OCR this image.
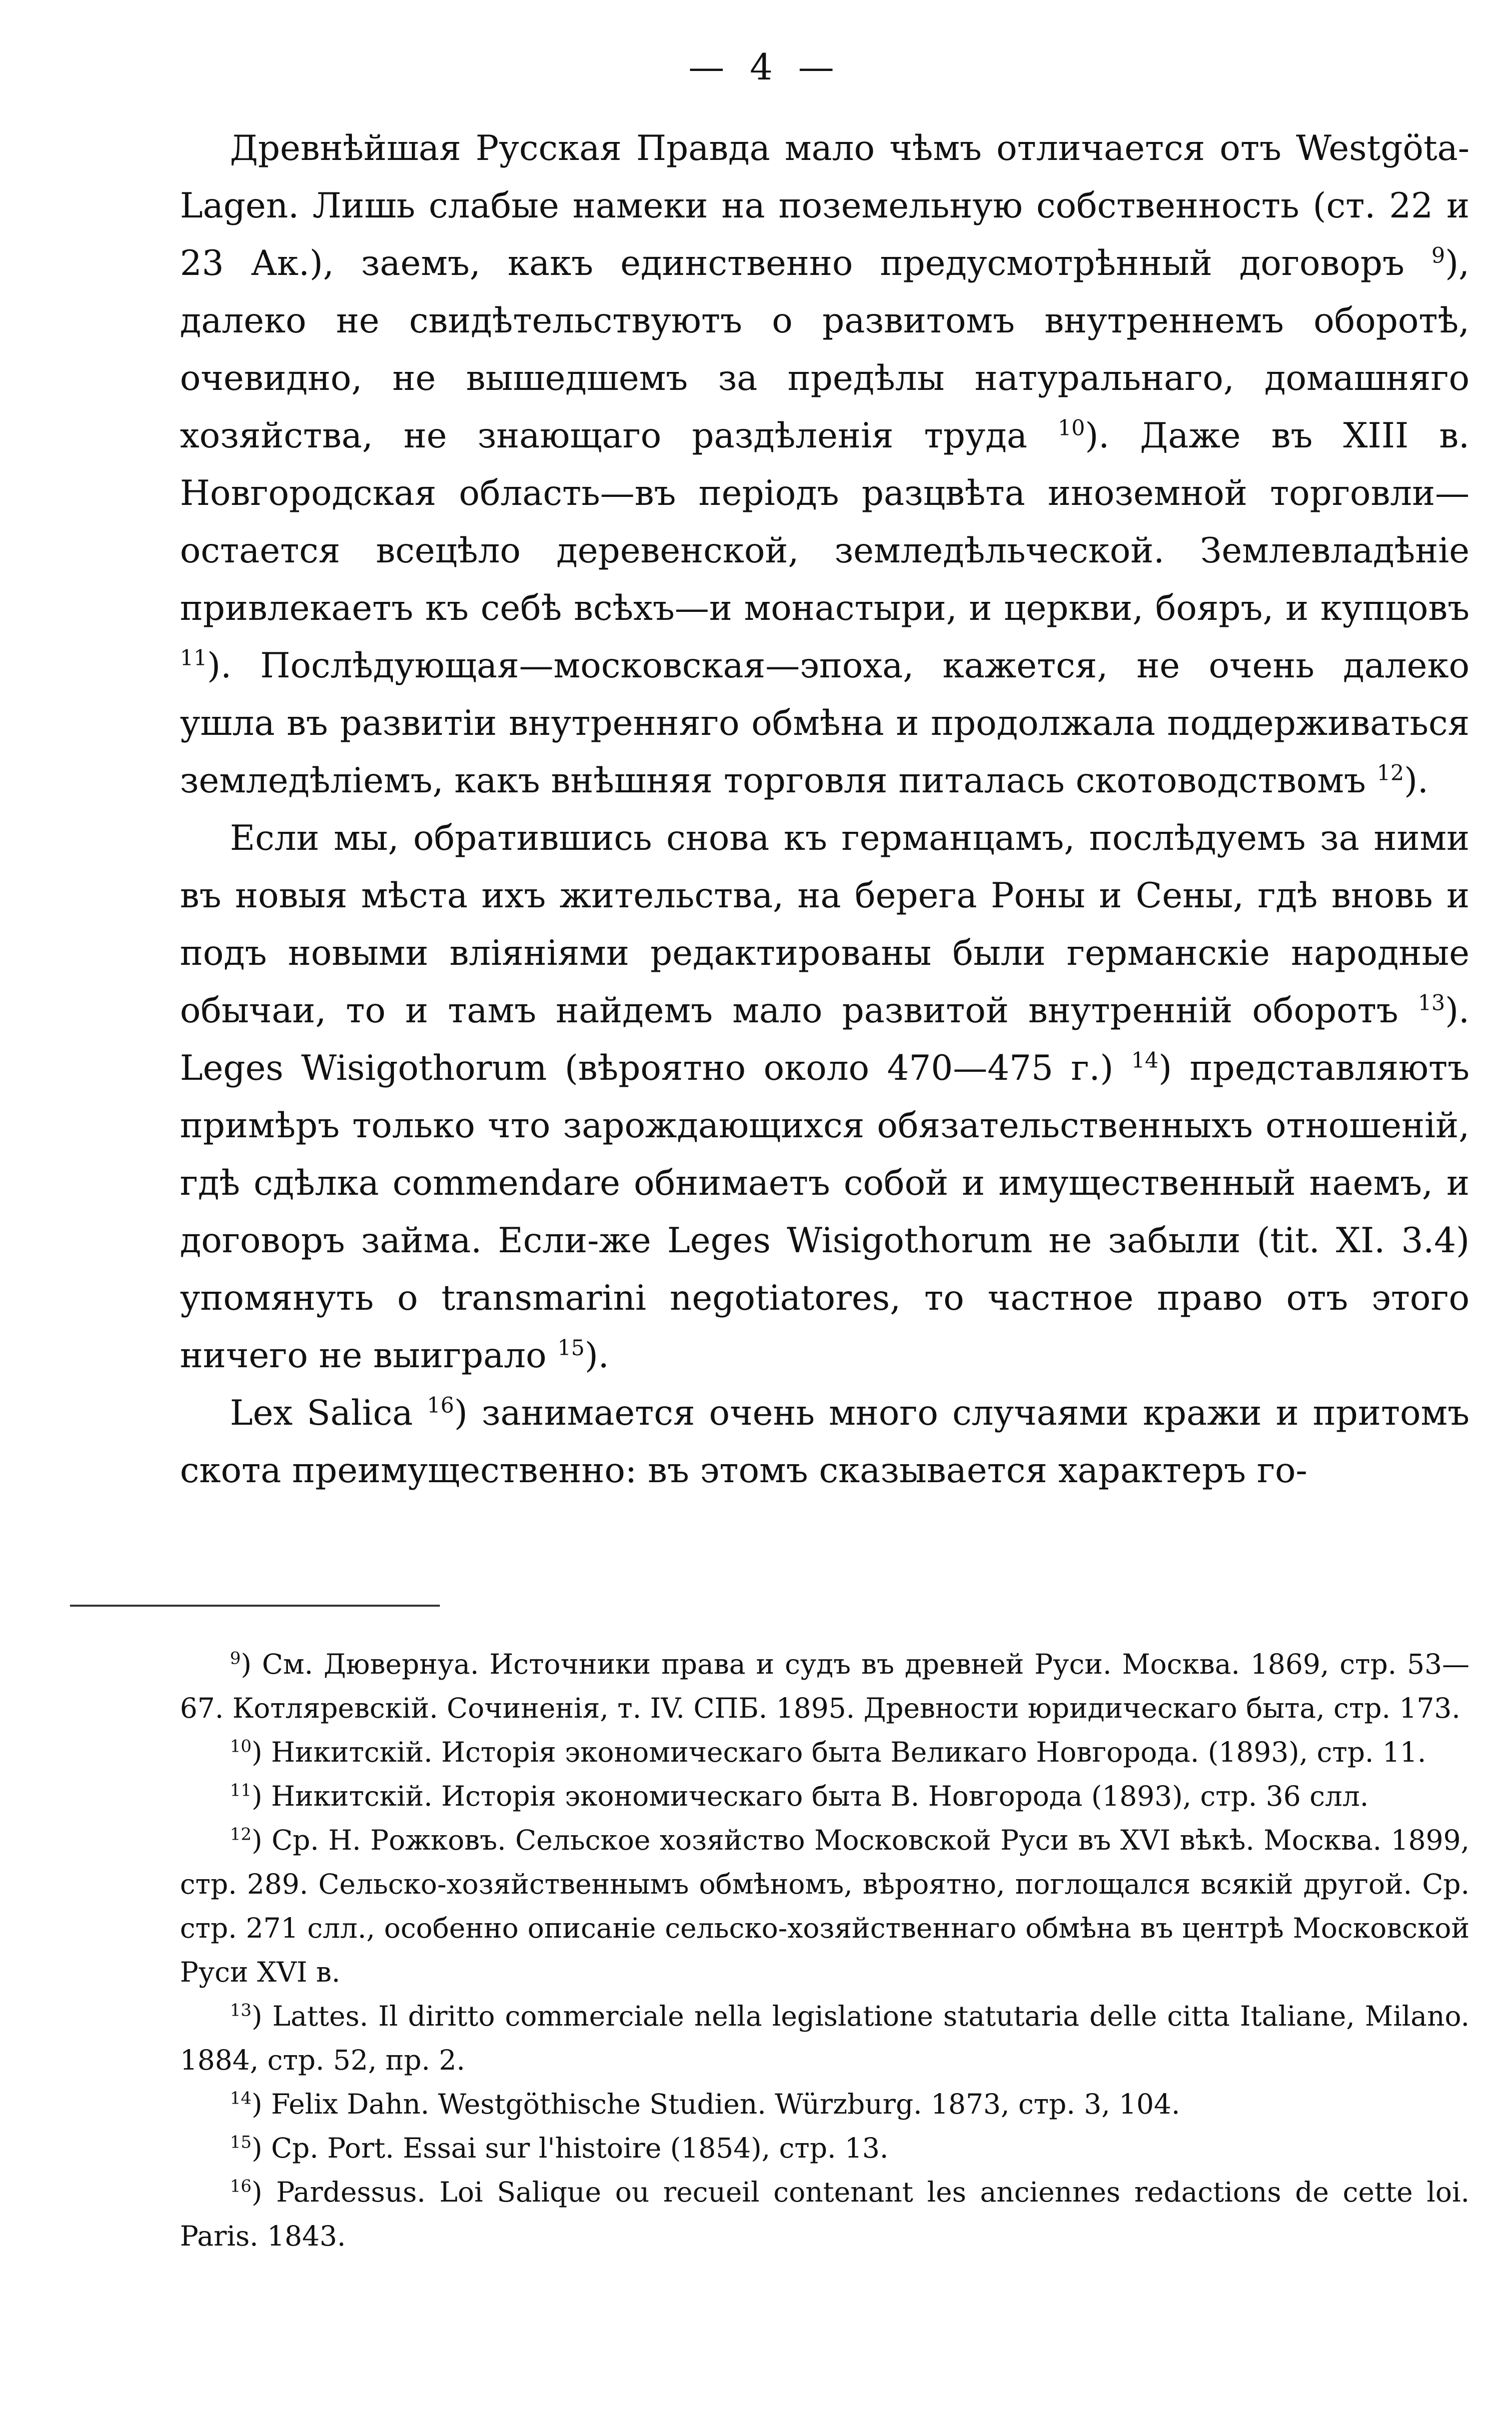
— 4 —

Древнѣйшая Русская Правда мало чѣмъ отличается отъ Westgöta-Lagen. Лишь слабые намеки на поземельную собственность (ст. 22 и 23 Ак.), заемъ, какъ единственно предусмотрѣнный договоръ $^9$), далеко не свидѣтельствуютъ о развитомъ внутреннемъ оборотѣ, очевидно, не вышедшемъ за предѣлы натуральнаго, домашняго хозяйства, не знающаго раздѣленія труда $^{10}$). Даже въ XIII в. Новгородская область—въ періодъ разцвѣта иноземной торговли—остается всецѣло деревенской, земледѣльческой. Землевладѣніе привлекаетъ къ себѣ всѣхъ—и монастыри, и церкви, бояръ, и купцовъ $^{11}$). Послѣдующая—московская—эпоха, кажется, не очень далеко ушла въ развитіи внутренняго обмѣна и продолжала поддерживаться земледѣліемъ, какъ внѣшняя торговля питалась скотоводствомъ $^{12}$).

Если мы, обратившись снова къ германцамъ, послѣдуемъ за ними въ новыя мѣста ихъ жительства, на берега Роны и Сены, гдѣ вновь и подъ новыми вліяніями редактированы были германскіе народные обычаи, то и тамъ найдемъ мало развитой внутренній оборотъ $^{13}$). Leges Wisigothorum (вѣроятно около 470—475 г.) $^{14}$) представляютъ примѣръ только что зарождающихся обязательственныхъ отношеній, гдѣ сдѣлка commendare обнимаетъ собой и имущественный наемъ, и договоръ займа. Если-же Leges Wisigothorum не забыли (tit. XI. 3.4) упомянуть о transmarini negotiatores, то частное право отъ этого ничего не выиграло $^{15}$).

Lex Salica $^{16}$) занимается очень много случаями кражи и притомъ скота преимущественно: въ этомъ сказывается характеръ го-

$^9$) См. Дювернуа. Источники права и судъ въ древней Руси. Москва. 1869, стр. 53—67. Котляревскій. Сочиненія, т. IV. СПБ. 1895. Древности юридическаго быта, стр. 173.

$^{10}$) Никитскій. Исторія экономическаго быта Великаго Новгорода. (1893), стр. 11.

$^{11}$) Никитскій. Исторія экономическаго быта В. Новгорода (1893), стр. 36 слл.

$^{12}$) Ср. Н. Рожковъ. Сельское хозяйство Московской Руси въ XVI вѣкѣ. Москва. 1899, стр. 289. Сельско-хозяйственнымъ обмѣномъ, вѣроятно, поглощался всякій другой. Ср. стр. 271 слл., особенно описаніе сельско-хозяйственнаго обмѣна въ центрѣ Московской Руси XVI в.

$^{13}$) Lattes. Il diritto commerciale nella legislatione statutaria delle citta Italiane, Milano. 1884, стр. 52, пр. 2.

$^{14}$) Felix Dahn. Westgöthische Studien. Würzburg. 1873, стр. 3, 104.

$^{15}$) Cp. Port. Essai sur l'histoire (1854), стр. 13.

$^{16}$) Pardessus. Loi Salique ou recueil contenant les anciennes redactions de cette loi. Paris. 1843.
